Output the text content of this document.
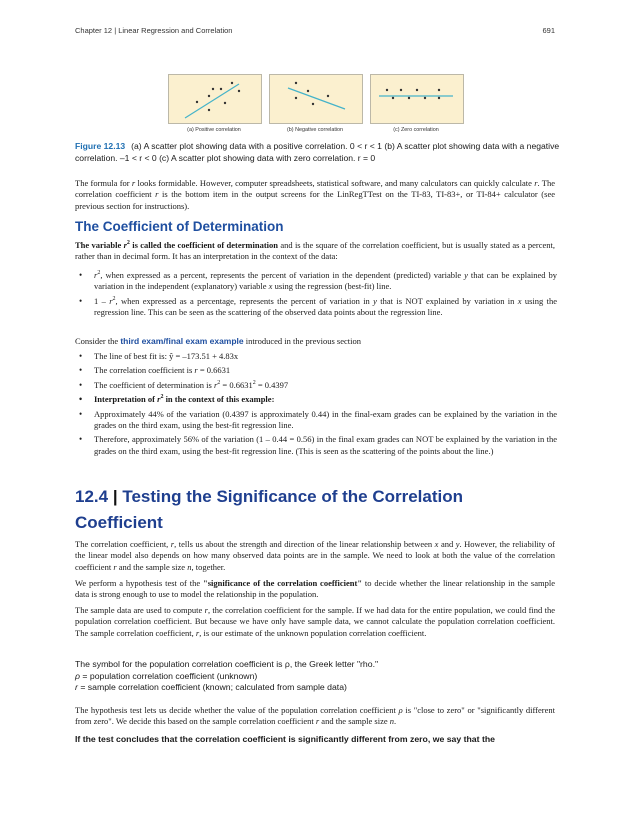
Chapter 12 | Linear Regression and Correlation	691
(a) Positive correlation	(b) Negative correlation	(c) Zero correlation
Figure 12.13 (a) A scatter plot showing data with a positive correlation. 0 < r < 1 (b) A scatter plot showing data with a negative correlation. –1 < r < 0 (c) A scatter plot showing data with zero correlation. r = 0

The formula for r looks formidable. However, computer spreadsheets, statistical software, and many calculators can quickly calculate r. The correlation coefficient r is the bottom item in the output screens for the LinRegTTest on the TI-83, TI-83+, or TI-84+ calculator (see previous section for instructions).

The Coefficient of Determination

The variable $r^2$ is called the coefficient of determination and is the square of the correlation coefficient, but is usually stated as a percent, rather than in decimal form. It has an interpretation in the context of the data:

• $r^2$, when expressed as a percent, represents the percent of variation in the dependent (predicted) variable y that can be explained by variation in the independent (explanatory) variable x using the regression (best-fit) line.
• $1 - r^2$, when expressed as a percentage, represents the percent of variation in y that is NOT explained by variation in x using the regression line. This can be seen as the scattering of the observed data points about the regression line.

Consider the third exam/final exam example introduced in the previous section

• The line of best fit is: ŷ = –173.51 + 4.83x
• The correlation coefficient is r = 0.6631
• The coefficient of determination is $r^2 = 0.6631^2 = 0.4397$
• Interpretation of $r^2$ in the context of this example:
• Approximately 44% of the variation (0.4397 is approximately 0.44) in the final-exam grades can be explained by the variation in the grades on the third exam, using the best-fit regression line.
• Therefore, approximately 56% of the variation (1 – 0.44 = 0.56) in the final exam grades can NOT be explained by the variation in the grades on the third exam, using the best-fit regression line. (This is seen as the scattering of the points about the line.)
12.4 | Testing the Significance of the Correlation
Coefficient

The correlation coefficient, r, tells us about the strength and direction of the linear relationship between x and y. However, the reliability of the linear model also depends on how many observed data points are in the sample. We need to look at both the value of the correlation coefficient r and the sample size n, together.

We perform a hypothesis test of the "significance of the correlation coefficient" to decide whether the linear relationship in the sample data is strong enough to use to model the relationship in the population.

The sample data are used to compute r, the correlation coefficient for the sample. If we had data for the entire population, we could find the population correlation coefficient. But because we have only have sample data, we cannot calculate the population correlation coefficient. The sample correlation coefficient, r, is our estimate of the unknown population correlation coefficient.

The symbol for the population correlation coefficient is ρ, the Greek letter "rho."
ρ = population correlation coefficient (unknown)
r = sample correlation coefficient (known; calculated from sample data)

The hypothesis test lets us decide whether the value of the population correlation coefficient ρ is "close to zero" or "significantly different from zero". We decide this based on the sample correlation coefficient r and the sample size n.

If the test concludes that the correlation coefficient is significantly different from zero, we say that the
